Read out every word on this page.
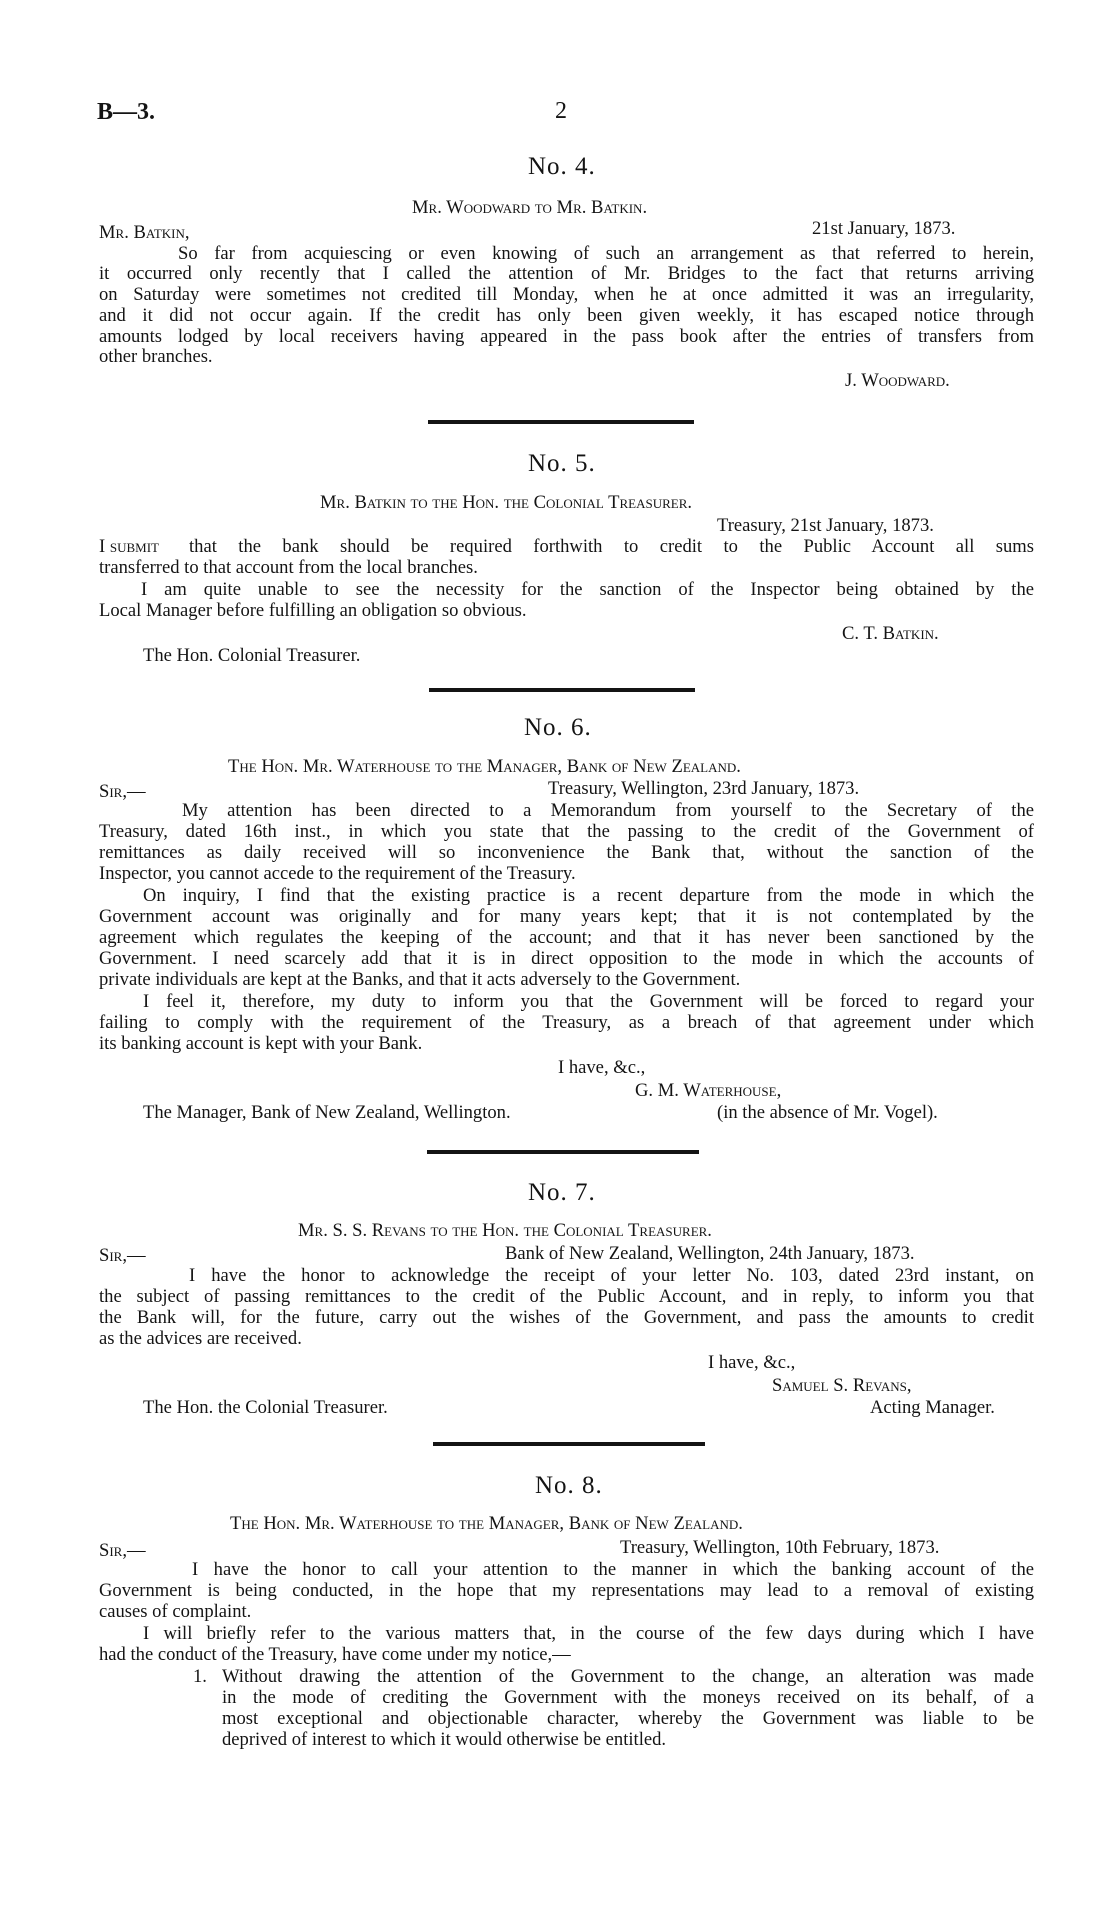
B—3.	2
No. 4.
Mr. Woodward to Mr. Batkin.
Mr. Batkin,	21st January, 1873.
So far from acquiescing or even knowing of such an arrangement as that referred to herein,
it occurred only recently that I called the attention of Mr. Bridges to the fact that returns arriving
on Saturday were sometimes not credited till Monday, when he at once admitted it was an irregularity,
and it did not occur again. If the credit has only been given weekly, it has escaped notice through
amounts lodged by local receivers having appeared in the pass book after the entries of transfers from
other branches.
J. Woodward.
No. 5.
Mr. Batkin to the Hon. the Colonial Treasurer.
Treasury, 21st January, 1873.
I submit that the bank should be required forthwith to credit to the Public Account all sums
transferred to that account from the local branches.
I am quite unable to see the necessity for the sanction of the Inspector being obtained by the
Local Manager before fulfilling an obligation so obvious.
C. T. Batkin.
The Hon. Colonial Treasurer.
No. 6.
The Hon. Mr. Waterhouse to the Manager, Bank of New Zealand.
Sir,—	Treasury, Wellington, 23rd January, 1873.
My attention has been directed to a Memorandum from yourself to the Secretary of the
Treasury, dated 16th inst., in which you state that the passing to the credit of the Government of
remittances as daily received will so inconvenience the Bank that, without the sanction of the
Inspector, you cannot accede to the requirement of the Treasury.
On inquiry, I find that the existing practice is a recent departure from the mode in which the
Government account was originally and for many years kept; that it is not contemplated by the
agreement which regulates the keeping of the account; and that it has never been sanctioned by the
Government. I need scarcely add that it is in direct opposition to the mode in which the accounts of
private individuals are kept at the Banks, and that it acts adversely to the Government.
I feel it, therefore, my duty to inform you that the Government will be forced to regard your
failing to comply with the requirement of the Treasury, as a breach of that agreement under which
its banking account is kept with your Bank.
I have, &c.,
G. M. Waterhouse,
The Manager, Bank of New Zealand, Wellington.	(in the absence of Mr. Vogel).
No. 7.
Mr. S. S. Revans to the Hon. the Colonial Treasurer.
Sir,—	Bank of New Zealand, Wellington, 24th January, 1873.
I have the honor to acknowledge the receipt of your letter No. 103, dated 23rd instant, on
the subject of passing remittances to the credit of the Public Account, and in reply, to inform you that
the Bank will, for the future, carry out the wishes of the Government, and pass the amounts to credit
as the advices are received.
I have, &c.,
Samuel S. Revans,
The Hon. the Colonial Treasurer.	Acting Manager.
No. 8.
The Hon. Mr. Waterhouse to the Manager, Bank of New Zealand.
Sir,—	Treasury, Wellington, 10th February, 1873.
I have the honor to call your attention to the manner in which the banking account of the
Government is being conducted, in the hope that my representations may lead to a removal of existing
causes of complaint.
I will briefly refer to the various matters that, in the course of the few days during which I have
had the conduct of the Treasury, have come under my notice,—
1. Without drawing the attention of the Government to the change, an alteration was made
in the mode of crediting the Government with the moneys received on its behalf, of a
most exceptional and objectionable character, whereby the Government was liable to be
deprived of interest to which it would otherwise be entitled.
